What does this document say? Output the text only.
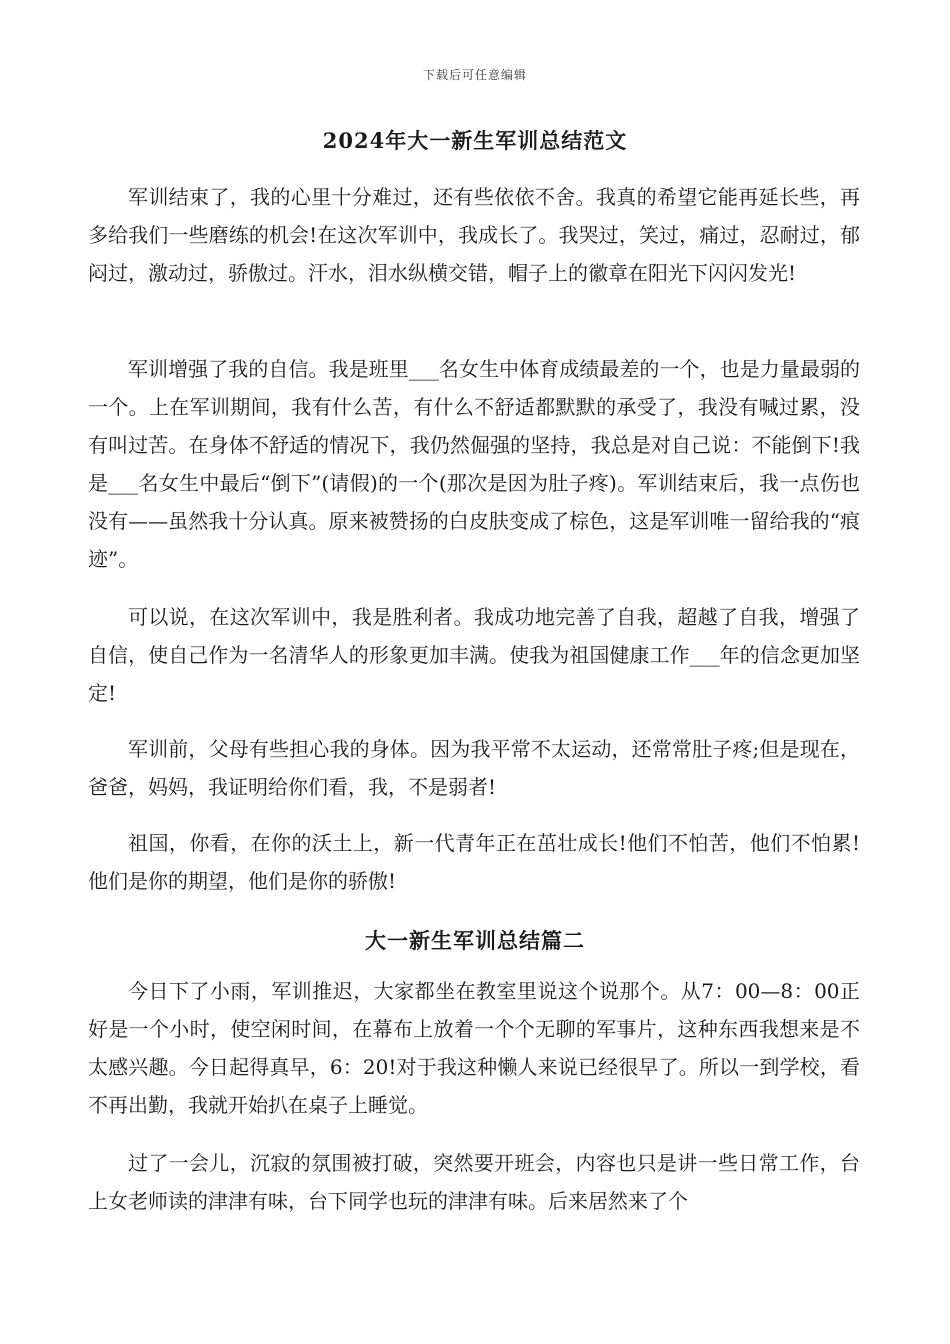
下载后可任意编辑
2024年大一新生军训总结范文

军训结束了，我的心里十分难过，还有些依依不舍。我真的希望它能再延长些，再多给我们一些磨练的机会!在这次军训中，我成长了。我哭过，笑过，痛过，忍耐过，郁闷过，激动过，骄傲过。汗水，泪水纵横交错，帽子上的徽章在阳光下闪闪发光!

军训增强了我的自信。我是班里___名女生中体育成绩最差的一个，也是力量最弱的一个。上在军训期间，我有什么苦，有什么不舒适都默默的承受了，我没有喊过累，没有叫过苦。在身体不舒适的情况下，我仍然倔强的坚持，我总是对自己说：不能倒下!我是___名女生中最后“倒下”(请假)的一个(那次是因为肚子疼)。军训结束后，我一点伤也没有——虽然我十分认真。原来被赞扬的白皮肤变成了棕色，这是军训唯一留给我的“痕迹”。

可以说，在这次军训中，我是胜利者。我成功地完善了自我，超越了自我，增强了自信，使自己作为一名清华人的形象更加丰满。使我为祖国健康工作___年的信念更加坚定!

军训前，父母有些担心我的身体。因为我平常不太运动，还常常肚子疼;但是现在，爸爸，妈妈，我证明给你们看，我，不是弱者!

祖国，你看，在你的沃土上，新一代青年正在茁壮成长!他们不怕苦，他们不怕累!他们是你的期望，他们是你的骄傲!

大一新生军训总结篇二

今日下了小雨，军训推迟，大家都坐在教室里说这个说那个。从7：00—8：00正好是一个小时，使空闲时间，在幕布上放着一个个无聊的军事片，这种东西我想来是不太感兴趣。今日起得真早，6：20!对于我这种懒人来说已经很早了。所以一到学校，看不再出勤，我就开始扒在桌子上睡觉。

过了一会儿，沉寂的氛围被打破，突然要开班会，内容也只是讲一些日常工作，台上女老师读的津津有味，台下同学也玩的津津有味。后来居然来了个
